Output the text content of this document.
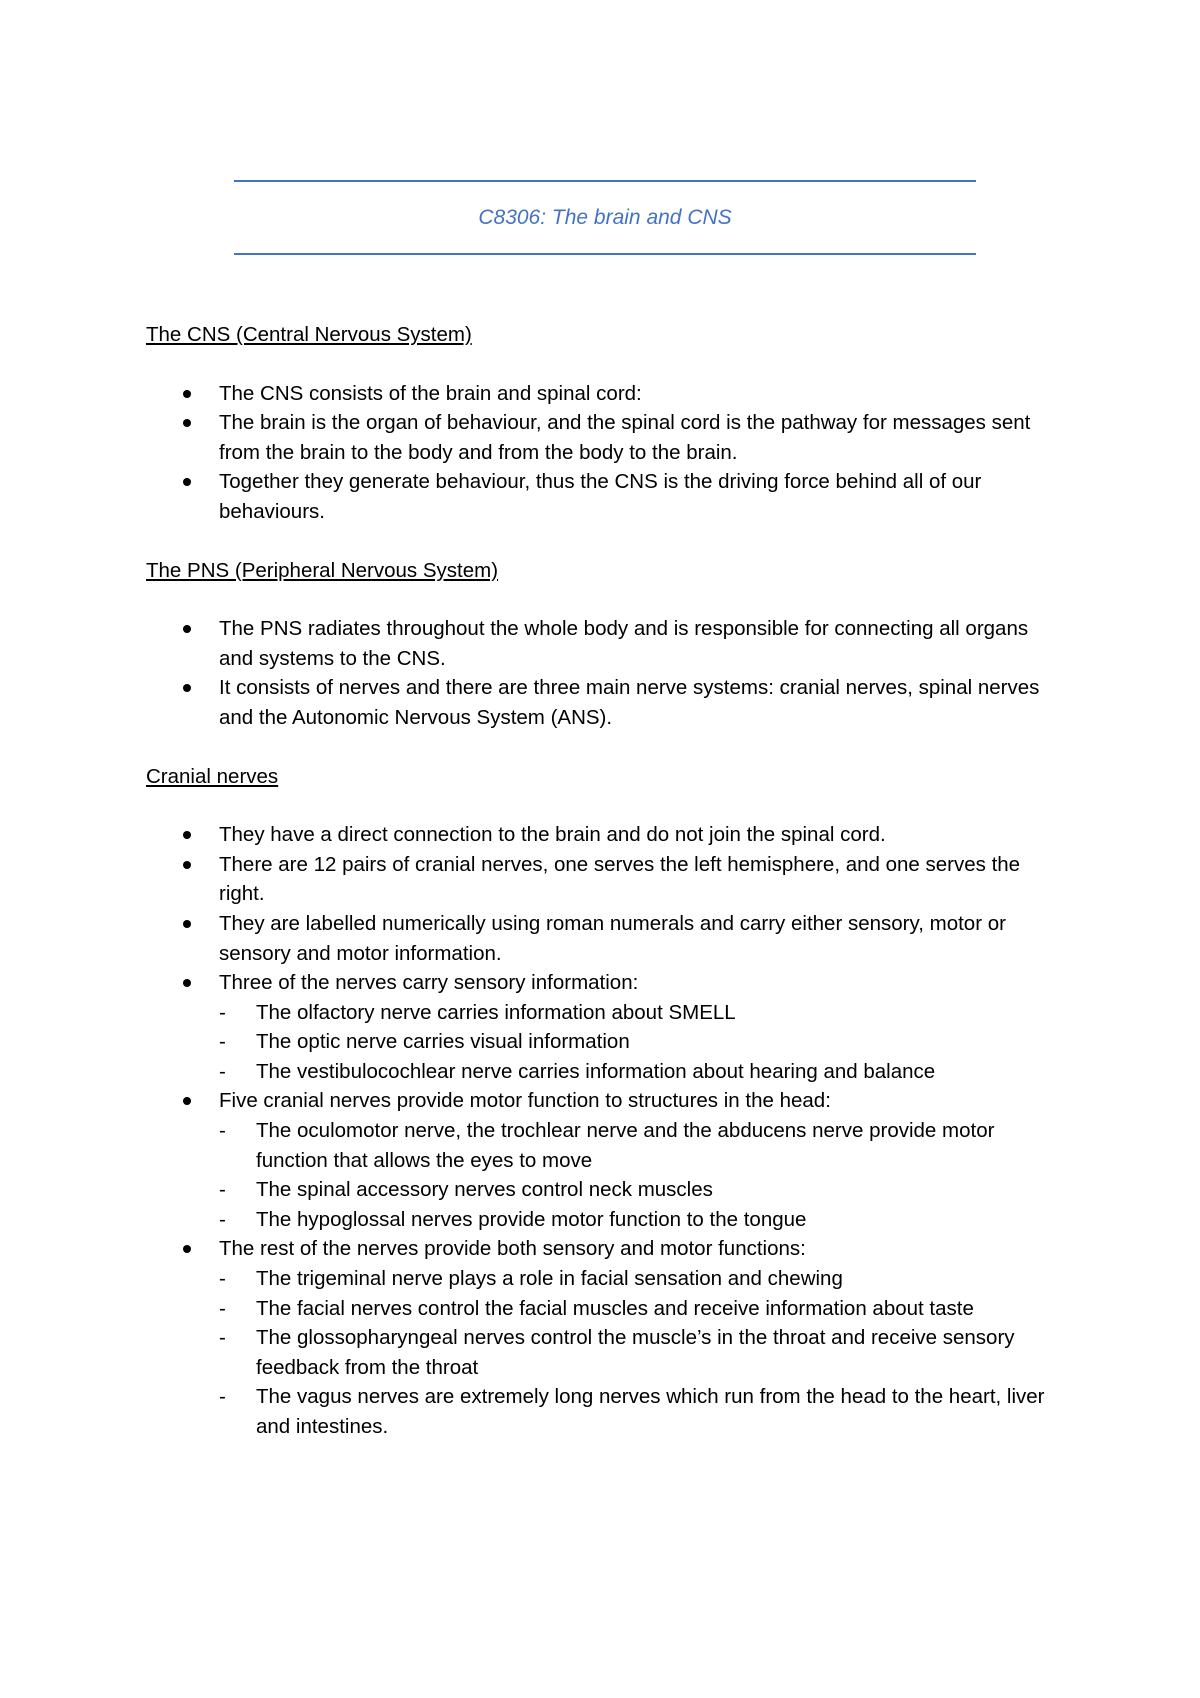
C8306: The brain and CNS

The CNS (Central Nervous System)

The CNS consists of the brain and spinal cord:
The brain is the organ of behaviour, and the spinal cord is the pathway for messages sent from the brain to the body and from the body to the brain.
Together they generate behaviour, thus the CNS is the driving force behind all of our behaviours.

The PNS (Peripheral Nervous System)

The PNS radiates throughout the whole body and is responsible for connecting all organs and systems to the CNS.
It consists of nerves and there are three main nerve systems: cranial nerves, spinal nerves and the Autonomic Nervous System (ANS).

Cranial nerves

They have a direct connection to the brain and do not join the spinal cord.
There are 12 pairs of cranial nerves, one serves the left hemisphere, and one serves the right.
They are labelled numerically using roman numerals and carry either sensory, motor or sensory and motor information.
Three of the nerves carry sensory information:
- The olfactory nerve carries information about SMELL
- The optic nerve carries visual information
- The vestibulocochlear nerve carries information about hearing and balance
Five cranial nerves provide motor function to structures in the head:
- The oculomotor nerve, the trochlear nerve and the abducens nerve provide motor function that allows the eyes to move
- The spinal accessory nerves control neck muscles
- The hypoglossal nerves provide motor function to the tongue
The rest of the nerves provide both sensory and motor functions:
- The trigeminal nerve plays a role in facial sensation and chewing
- The facial nerves control the facial muscles and receive information about taste
- The glossopharyngeal nerves control the muscle’s in the throat and receive sensory feedback from the throat
- The vagus nerves are extremely long nerves which run from the head to the heart, liver and intestines.
